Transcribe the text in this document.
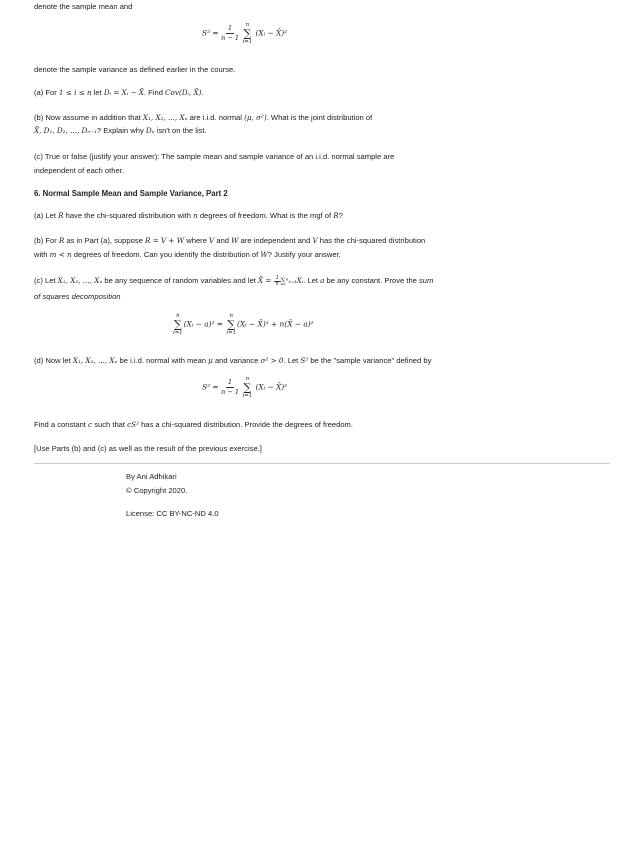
denote the sample mean and

$S^2 = \frac{1}{n - 1}$
n
∑
i=1
(Xᵢ − X̄)²

denote the sample variance as defined earlier in the course.

(a) For 1 ≤ i ≤ n let Dᵢ = Xᵢ − X̄. Find Cov(Dᵢ, X̄).

(b) Now assume in addition that X₁, X₂, ..., Xₙ are i.i.d. normal (μ, σ²). What is the joint distribution of

X̄, D₁, D₂, ..., Dₙ₋₁? Explain why Dₙ isn't on the list.

(c) True or false (justify your answer): The sample mean and sample variance of an i.i.d. normal sample are

independent of each other.

6. Normal Sample Mean and Sample Variance, Part 2

(a) Let R have the chi-squared distribution with n degrees of freedom. What is the mgf of R?

(b) For R as in Part (a), suppose R = V + W where V and W are independent and V has the chi-squared distribution

with m < n degrees of freedom. Can you identify the distribution of W? Justify your answer.

(c) Let X₁, X₂, ..., Xₙ be any sequence of random variables and let X̄ = $\frac{1}{n}$ ∑ⁿᵢ₌₁Xᵢ. Let a be any constant. Prove the sum

of squares decomposition

n
∑
i=1
(Xᵢ − a)² =
n
∑
i=1
(Xᵢ − X̄)² + n(X̄ − a)²

(d) Now let X₁, X₂, ..., Xₙ be i.i.d. normal with mean μ and variance σ² > 0. Let S² be the "sample variance" defined by

$S^2 = \frac{1}{n - 1}$
n
∑
i=1
(Xᵢ − X̄)²

Find a constant c such that cS² has a chi-squared distribution. Provide the degrees of freedom.

[Use Parts (b) and (c) as well as the result of the previous exercise.]

By Ani Adhikari
© Copyright 2020.
License: CC BY-NC-ND 4.0
